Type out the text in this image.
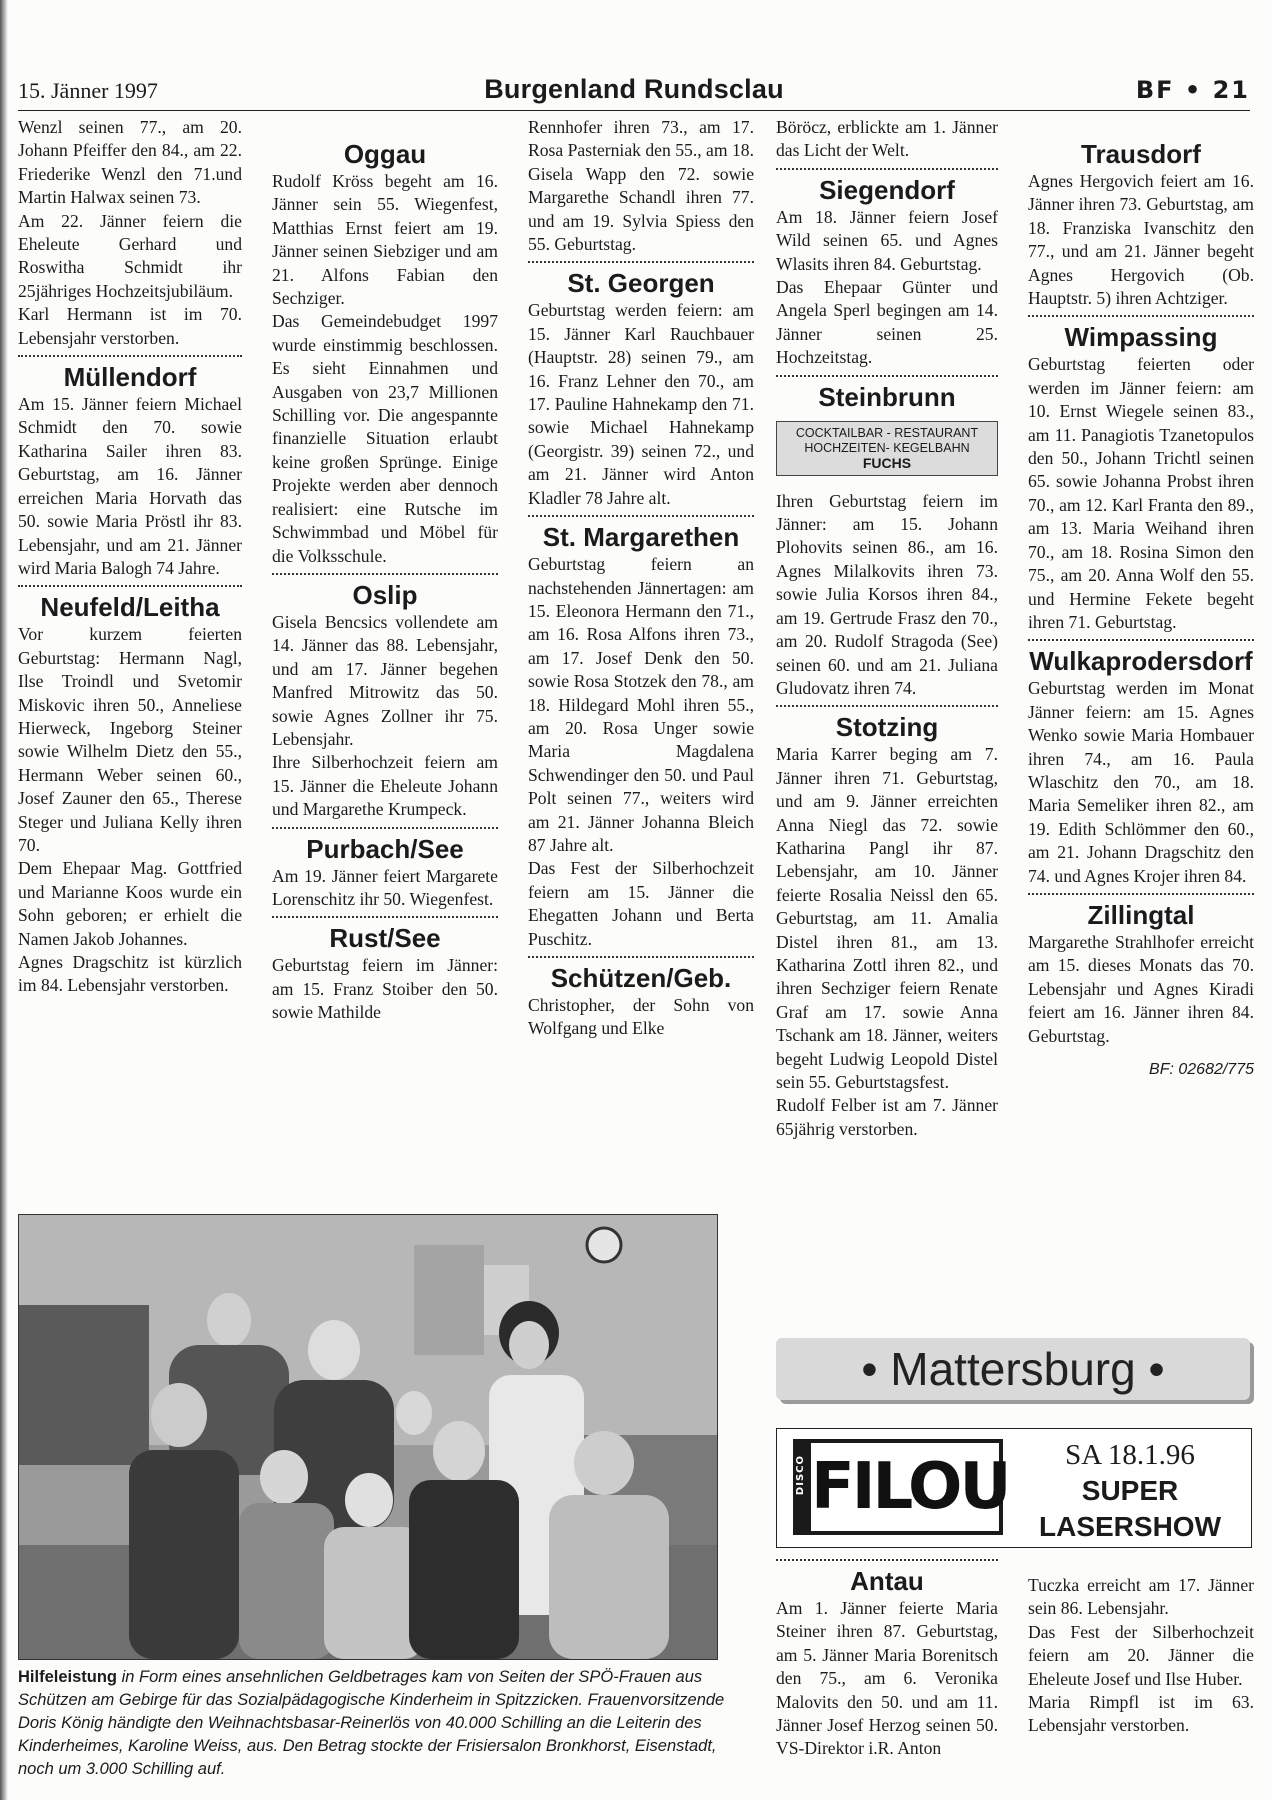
15. Jänner 1997	Burgenland Rundsclau	BF • 21

Wenzl seinen 77., am 20. Johann Pfeiffer den 84., am 22. Friederike Wenzl den 71.und Martin Halwax seinen 73.

Am 22. Jänner feiern die Eheleute Gerhard und Roswitha Schmidt ihr 25jähriges Hochzeitsjubiläum.

Karl Hermann ist im 70. Lebensjahr verstorben.

Müllendorf

Am 15. Jänner feiern Michael Schmidt den 70. sowie Katharina Sailer ihren 83. Geburtstag, am 16. Jänner erreichen Maria Horvath das 50. sowie Maria Pröstl ihr 83. Lebensjahr, und am 21. Jänner wird Maria Balogh 74 Jahre.

Neufeld/Leitha

Vor kurzem feierten Geburtstag: Hermann Nagl, Ilse Troindl und Svetomir Miskovic ihren 50., Anneliese Hierweck, Ingeborg Steiner sowie Wilhelm Dietz den 55., Hermann Weber seinen 60., Josef Zauner den 65., Therese Steger und Juliana Kelly ihren 70.

Dem Ehepaar Mag. Gottfried und Marianne Koos wurde ein Sohn geboren; er erhielt die Namen Jakob Johannes.

Agnes Dragschitz ist kürzlich im 84. Lebensjahr verstorben.

Oggau

Rudolf Kröss begeht am 16. Jänner sein 55. Wiegenfest, Matthias Ernst feiert am 19. Jänner seinen Siebziger und am 21. Alfons Fabian den Sechziger.

Das Gemeindebudget 1997 wurde einstimmig beschlossen. Es sieht Einnahmen und Ausgaben von 23,7 Millionen Schilling vor. Die angespannte finanzielle Situation erlaubt keine großen Sprünge. Einige Projekte werden aber dennoch realisiert: eine Rutsche im Schwimmbad und Möbel für die Volksschule.

Oslip

Gisela Bencsics vollendete am 14. Jänner das 88. Lebensjahr, und am 17. Jänner begehen Manfred Mitrowitz das 50. sowie Agnes Zollner ihr 75. Lebensjahr.

Ihre Silberhochzeit feiern am 15. Jänner die Eheleute Johann und Margarethe Krumpeck.

Purbach/See

Am 19. Jänner feiert Margarete Lorenschitz ihr 50. Wiegenfest.

Rust/See

Geburtstag feiern im Jänner: am 15. Franz Stoiber den 50. sowie Mathilde

Rennhofer ihren 73., am 17. Rosa Pasterniak den 55., am 18. Gisela Wapp den 72. sowie Margarethe Schandl ihren 77. und am 19. Sylvia Spiess den 55. Geburtstag.

St. Georgen

Geburtstag werden feiern: am 15. Jänner Karl Rauchbauer (Hauptstr. 28) seinen 79., am 16. Franz Lehner den 70., am 17. Pauline Hahnekamp den 71. sowie Michael Hahnekamp (Georgistr. 39) seinen 72., und am 21. Jänner wird Anton Kladler 78 Jahre alt.

St. Margarethen

Geburtstag feiern an nachstehenden Jännertagen: am 15. Eleonora Hermann den 71., am 16. Rosa Alfons ihren 73., am 17. Josef Denk den 50. sowie Rosa Stotzek den 78., am 18. Hildegard Mohl ihren 55., am 20. Rosa Unger sowie Maria Magdalena Schwendinger den 50. und Paul Polt seinen 77., weiters wird am 21. Jänner Johanna Bleich 87 Jahre alt.

Das Fest der Silberhochzeit feiern am 15. Jänner die Ehegatten Johann und Berta Puschitz.

Schützen/Geb.

Christopher, der Sohn von Wolfgang und Elke

Böröcz, erblickte am 1. Jänner das Licht der Welt.

Siegendorf

Am 18. Jänner feiern Josef Wild seinen 65. und Agnes Wlasits ihren 84. Geburtstag.

Das Ehepaar Günter und Angela Sperl begingen am 14. Jänner seinen 25. Hochzeitstag.

Steinbrunn
COCKTAILBAR - RESTAURANT
HOCHZEITEN- KEGELBAHN
FUCHS

Ihren Geburtstag feiern im Jänner: am 15. Johann Plohovits seinen 86., am 16. Agnes Milalkovits ihren 73. sowie Julia Korsos ihren 84., am 19. Gertrude Frasz den 70., am 20. Rudolf Stragoda (See) seinen 60. und am 21. Juliana Gludovatz ihren 74.

Stotzing

Maria Karrer beging am 7. Jänner ihren 71. Geburtstag, und am 9. Jänner erreichten Anna Niegl das 72. sowie Katharina Pangl ihr 87. Lebensjahr, am 10. Jänner feierte Rosalia Neissl den 65. Geburtstag, am 11. Amalia Distel ihren 81., am 13. Katharina Zottl ihren 82., und ihren Sechziger feiern Renate Graf am 17. sowie Anna Tschank am 18. Jänner, weiters begeht Ludwig Leopold Distel sein 55. Geburtstagsfest.

Rudolf Felber ist am 7. Jänner 65jährig verstorben.

Trausdorf

Agnes Hergovich feiert am 16. Jänner ihren 73. Geburtstag, am 18. Franziska Ivanschitz den 77., und am 21. Jänner begeht Agnes Hergovich (Ob. Hauptstr. 5) ihren Achtziger.

Wimpassing

Geburtstag feierten oder werden im Jänner feiern: am 10. Ernst Wiegele seinen 83., am 11. Panagiotis Tzanetopulos den 50., Johann Trichtl seinen 65. sowie Johanna Probst ihren 70., am 12. Karl Franta den 89., am 13. Maria Weihand ihren 70., am 18. Rosina Simon den 75., am 20. Anna Wolf den 55. und Hermine Fekete begeht ihren 71. Geburtstag.

Wulkaprodersdorf

Geburtstag werden im Monat Jänner feiern: am 15. Agnes Wenko sowie Maria Hombauer ihren 74., am 16. Paula Wlaschitz den 70., am 18. Maria Semeliker ihren 82., am 19. Edith Schlömmer den 60., am 21. Johann Dragschitz den 74. und Agnes Krojer ihren 84.

Zillingtal

Margarethe Strahlhofer erreicht am 15. dieses Monats das 70. Lebensjahr und Agnes Kiradi feiert am 16. Jänner ihren 84. Geburtstag.

BF: 02682/775
Hilfeleistung in Form eines ansehnlichen Geldbetrages kam von Seiten der SPÖ-Frauen aus Schützen am Gebirge für das Sozialpädagogische Kinderheim in Spitzzicken. Frauenvorsitzende Doris König händigte den Weihnachtsbasar-Reinerlös von 40.000 Schilling an die Leiterin des Kinderheimes, Karoline Weiss, aus. Den Betrag stockte der Frisiersalon Bronkhorst, Eisenstadt, noch um 3.000 Schilling auf.
• Mattersburg •
DISCO FILOU	SA 18.1.96
SUPER
LASERSHOW
Antau

Am 1. Jänner feierte Maria Steiner ihren 87. Geburtstag, am 5. Jänner Maria Borenitsch den 75., am 6. Veronika Malovits den 50. und am 11. Jänner Josef Herzog seinen 50. VS-Direktor i.R. Anton

Tuczka erreicht am 17. Jänner sein 86. Lebensjahr.

Das Fest der Silberhochzeit feiern am 20. Jänner die Eheleute Josef und Ilse Huber.

Maria Rimpfl ist im 63. Lebensjahr verstorben.
